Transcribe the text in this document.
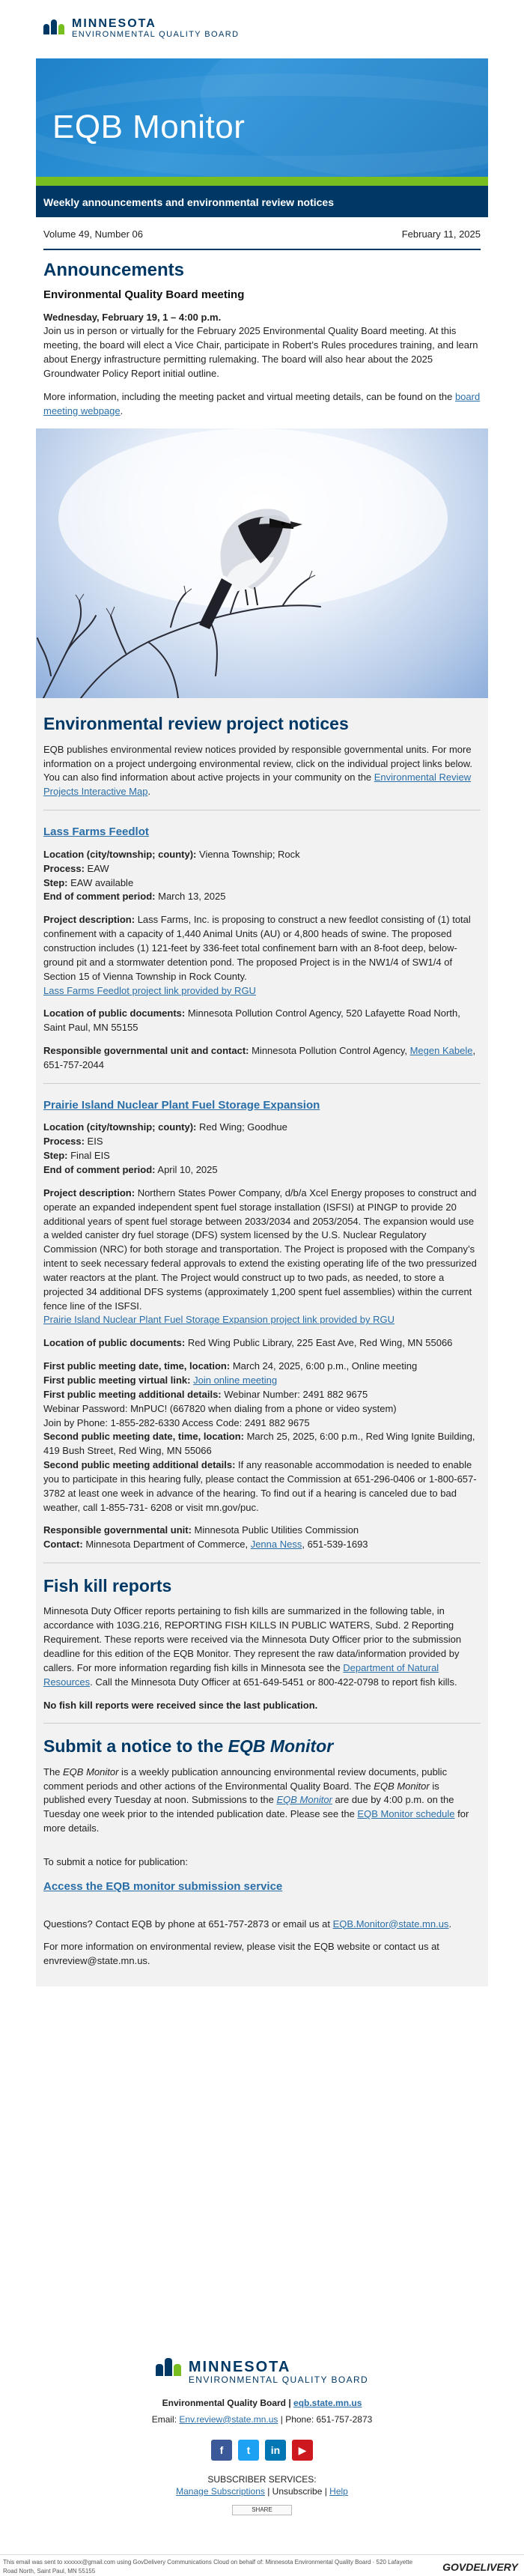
MINNESOTA
ENVIRONMENTAL QUALITY BOARD
EQB Monitor
Weekly announcements and environmental review notices
Volume 49, Number 06	February 11, 2025
Announcements
Environmental Quality Board meeting

Wednesday, February 19, 1 – 4:00 p.m.

Join us in person or virtually for the February 2025 Environmental Quality Board meeting. At this meeting, the board will elect a Vice Chair, participate in Robert’s Rules procedures training, and learn about Energy infrastructure permitting rulemaking. The board will also hear about the 2025 Groundwater Policy Report initial outline.

More information, including the meeting packet and virtual meeting details, can be found on the board meeting webpage.

Environmental review project notices

EQB publishes environmental review notices provided by responsible governmental units. For more information on a project undergoing environmental review, click on the individual project links below. You can also find information about active projects in your community on the Environmental Review Projects Interactive Map.

Lass Farms Feedlot
Location (city/township; county): Vienna Township; Rock
Process: EAW
Step: EAW available
End of comment period: March 13, 2025

Project description: Lass Farms, Inc. is proposing to construct a new feedlot consisting of (1) total confinement with a capacity of 1,440 Animal Units (AU) or 4,800 heads of swine. The proposed construction includes (1) 121-feet by 336-feet total confinement barn with an 8-foot deep, below-ground pit and a stormwater detention pond. The proposed Project is in the NW1/4 of SW1/4 of Section 15 of Vienna Township in Rock County.
Lass Farms Feedlot project link provided by RGU

Location of public documents: Minnesota Pollution Control Agency, 520 Lafayette Road North, Saint Paul, MN 55155

Responsible governmental unit and contact: Minnesota Pollution Control Agency, Megen Kabele, 651-757-2044

Prairie Island Nuclear Plant Fuel Storage Expansion
Location (city/township; county): Red Wing; Goodhue
Process: EIS
Step: Final EIS
End of comment period: April 10, 2025

Project description: Northern States Power Company, d/b/a Xcel Energy proposes to construct and operate an expanded independent spent fuel storage installation (ISFSI) at PINGP to provide 20 additional years of spent fuel storage between 2033/2034 and 2053/2054. The expansion would use a welded canister dry fuel storage (DFS) system licensed by the U.S. Nuclear Regulatory Commission (NRC) for both storage and transportation. The Project is proposed with the Company’s intent to seek necessary federal approvals to extend the existing operating life of the two pressurized water reactors at the plant. The Project would construct up to two pads, as needed, to store a projected 34 additional DFS systems (approximately 1,200 spent fuel assemblies) within the current fence line of the ISFSI.
Prairie Island Nuclear Plant Fuel Storage Expansion project link provided by RGU

Location of public documents: Red Wing Public Library, 225 East Ave, Red Wing, MN 55066

First public meeting date, time, location: March 24, 2025, 6:00 p.m., Online meeting
First public meeting virtual link: Join online meeting
First public meeting additional details: Webinar Number: 2491 882 9675
Webinar Password: MnPUC! (667820 when dialing from a phone or video system)
Join by Phone: 1-855-282-6330 Access Code: 2491 882 9675
Second public meeting date, time, location: March 25, 2025, 6:00 p.m., Red Wing Ignite Building, 419 Bush Street, Red Wing, MN 55066
Second public meeting additional details: If any reasonable accommodation is needed to enable you to participate in this hearing fully, please contact the Commission at 651-296-0406 or 1-800-657-3782 at least one week in advance of the hearing. To find out if a hearing is canceled due to bad weather, call 1-855-731- 6208 or visit mn.gov/puc.

Responsible governmental unit: Minnesota Public Utilities Commission
Contact: Minnesota Department of Commerce, Jenna Ness, 651-539-1693

Fish kill reports

Minnesota Duty Officer reports pertaining to fish kills are summarized in the following table, in accordance with 103G.216, REPORTING FISH KILLS IN PUBLIC WATERS, Subd. 2 Reporting Requirement. These reports were received via the Minnesota Duty Officer prior to the submission deadline for this edition of the EQB Monitor. They represent the raw data/information provided by callers. For more information regarding fish kills in Minnesota see the Department of Natural Resources. Call the Minnesota Duty Officer at 651-649-5451 or 800-422-0798 to report fish kills.

No fish kill reports were received since the last publication.

Submit a notice to the EQB Monitor

The EQB Monitor is a weekly publication announcing environmental review documents, public comment periods and other actions of the Environmental Quality Board. The EQB Monitor is published every Tuesday at noon. Submissions to the EQB Monitor are due by 4:00 p.m. on the Tuesday one week prior to the intended publication date. Please see the EQB Monitor schedule for more details.

To submit a notice for publication:

Access the EQB monitor submission service

Questions? Contact EQB by phone at 651-757-2873 or email us at EQB.Monitor@state.mn.us.

For more information on environmental review, please visit the EQB website or contact us at envreview@state.mn.us.

MINNESOTA
ENVIRONMENTAL QUALITY BOARD
Environmental Quality Board | eqb.state.mn.us
Email: Env.review@state.mn.us | Phone: 651-757-2873
f	t	in	▶
SUBSCRIBER SERVICES:
Manage Subscriptions | Unsubscribe | Help
SHARE
This email was sent to xxxxxx@gmail.com using GovDelivery Communications Cloud on behalf of: Minnesota Environmental Quality Board · 520 Lafayette Road North, Saint Paul, MN 55155	GOVDELIVERY
